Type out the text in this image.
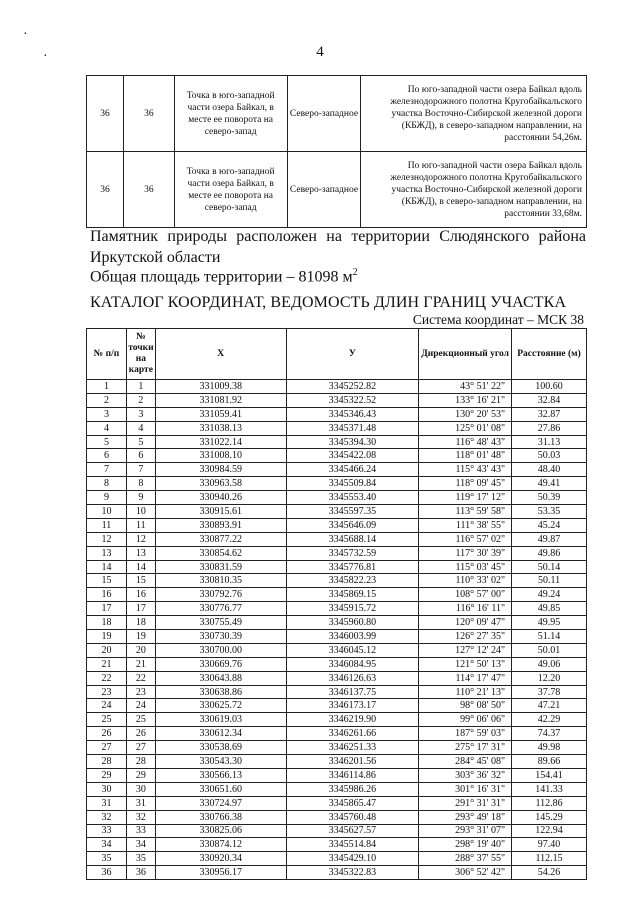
·
·	4
36	36	Точка в юго-западной части озера Байкал, в месте ее поворота на северо-запад	Северо-западное	По юго-западной части озера Байкал вдоль железнодорожного полотна Кругобайкальского участка Восточно-Сибирской железной дороги (КБЖД), в северо-западном направлении, на расстоянии 54,26м.
36	36	Точка в юго-западной части озера Байкал, в месте ее поворота на северо-запад	Северо-западное	По юго-западной части озера Байкал вдоль железнодорожного полотна Кругобайкальского участка Восточно-Сибирской железной дороги (КБЖД), в северо-западном направлении, на расстоянии 33,68м.
Памятник природы расположен на территории Слюдянского района
Иркутской области
Общая площадь территории – 81098 $м^2$
КАТАЛОГ КООРДИНАТ, ВЕДОМОСТЬ ДЛИН ГРАНИЦ УЧАСТКА
Система координат – МСК 38
№ п/п	№ точки на карте	X	У	Дирекционный угол	Расстояние (м)
1	1	331009.38	3345252.82	43° 51' 22"	100.60
2	2	331081.92	3345322.52	133° 16' 21"	32.84
3	3	331059.41	3345346.43	130° 20' 53"	32.87
4	4	331038.13	3345371.48	125° 01' 08"	27.86
5	5	331022.14	3345394.30	116° 48' 43"	31.13
6	6	331008.10	3345422.08	118° 01' 48"	50.03
7	7	330984.59	3345466.24	115° 43' 43"	48.40
8	8	330963.58	3345509.84	118° 09' 45"	49.41
9	9	330940.26	3345553.40	119° 17' 12"	50.39
10	10	330915.61	3345597.35	113° 59' 58"	53.35
11	11	330893.91	3345646.09	111° 38' 55"	45.24
12	12	330877.22	3345688.14	116° 57' 02"	49.87
13	13	330854.62	3345732.59	117° 30' 39"	49.86
14	14	330831.59	3345776.81	115° 03' 45"	50.14
15	15	330810.35	3345822.23	110° 33' 02"	50.11
16	16	330792.76	3345869.15	108° 57' 00"	49.24
17	17	330776.77	3345915.72	116° 16' 11"	49.85
18	18	330755.49	3345960.80	120° 09' 47"	49.95
19	19	330730.39	3346003.99	126° 27' 35"	51.14
20	20	330700.00	3346045.12	127° 12' 24"	50.01
21	21	330669.76	3346084.95	121° 50' 13"	49.06
22	22	330643.88	3346126.63	114° 17' 47"	12.20
23	23	330638.86	3346137.75	110° 21' 13"	37.78
24	24	330625.72	3346173.17	98° 08' 50"	47.21
25	25	330619.03	3346219.90	99° 06' 06"	42.29
26	26	330612.34	3346261.66	187° 59' 03"	74.37
27	27	330538.69	3346251.33	275° 17' 31"	49.98
28	28	330543.30	3346201.56	284° 45' 08"	89.66
29	29	330566.13	3346114.86	303° 36' 32"	154.41
30	30	330651.60	3345986.26	301° 16' 31"	141.33
31	31	330724.97	3345865.47	291° 31' 31"	112.86
32	32	330766.38	3345760.48	293° 49' 18"	145.29
33	33	330825.06	3345627.57	293° 31' 07"	122.94
34	34	330874.12	3345514.84	298° 19' 40"	97.40
35	35	330920.34	3345429.10	288° 37' 55"	112.15
36	36	330956.17	3345322.83	306° 52' 42"	54.26
